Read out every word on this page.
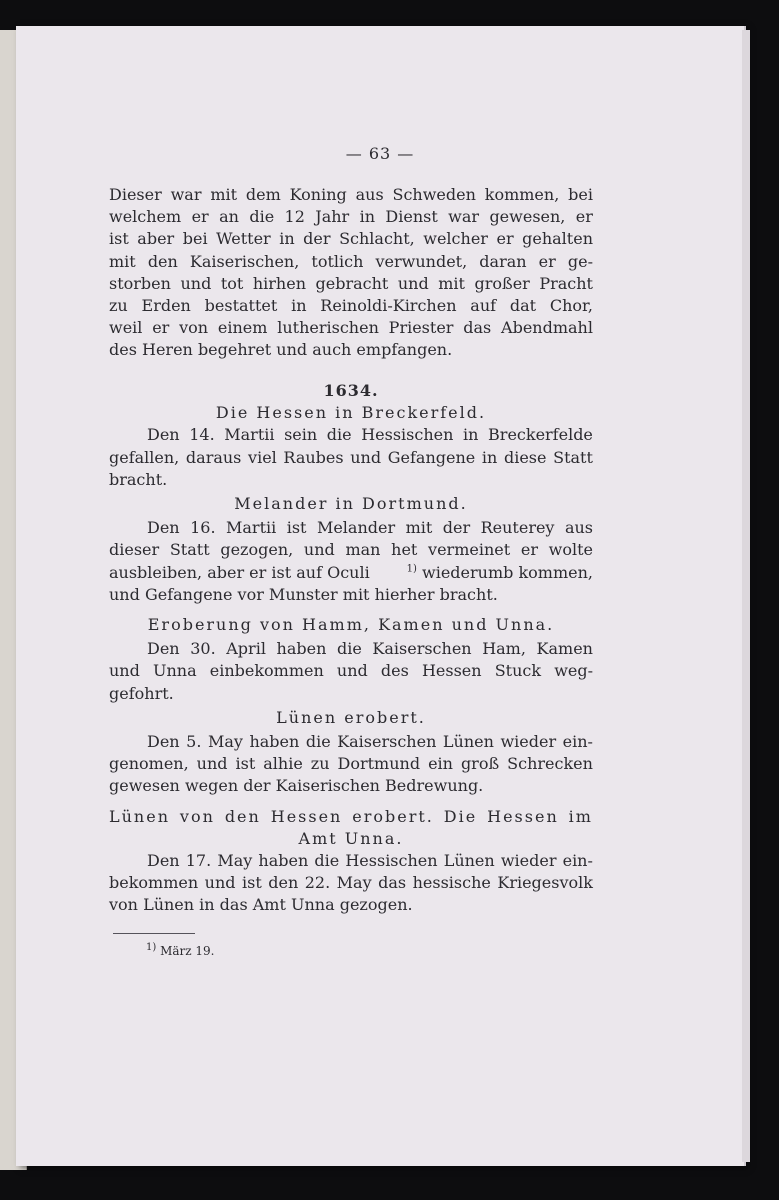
— 63 —
Dieser war mit dem Koning aus Schweden kommen, bei
welchem er an die 12 Jahr in Dienst war gewesen, er
ist aber bei Wetter in der Schlacht, welcher er gehalten
mit den Kaiserischen, totlich verwundet, daran er ge-
storben und tot hirhen gebracht und mit großer Pracht
zu Erden bestattet in Reinoldi-Kirchen auf dat Chor,
weil er von einem lutherischen Priester das Abendmahl
des Heren begehret und auch empfangen.
1634.
Die Hessen in Breckerfeld.
Den 14. Martii sein die Hessischen in Breckerfelde
gefallen, daraus viel Raubes und Gefangene in diese Statt
bracht.
Melander in Dortmund.
Den 16. Martii ist Melander mit der Reuterey aus
dieser Statt gezogen, und man het vermeinet er wolte
ausbleiben, aber er ist auf Oculi	$^{1)}$ wiederumb kommen,
und Gefangene vor Munster mit hierher bracht.
Eroberung von Hamm, Kamen und Unna.
Den 30. April haben die Kaiserschen Ham, Kamen
und Unna einbekommen und des Hessen Stuck weg-
gefohrt.
Lünen erobert.
Den 5. May haben die Kaiserschen Lünen wieder ein-
genomen, und ist alhie zu Dortmund ein groß Schrecken
gewesen wegen der Kaiserischen Bedrewung.
Lünen von den Hessen erobert. Die Hessen im
Amt Unna.
Den 17. May haben die Hessischen Lünen wieder ein-
bekommen und ist den 22. May das hessische Kriegesvolk
von Lünen in das Amt Unna gezogen.
$^{1)}$ März 19.
